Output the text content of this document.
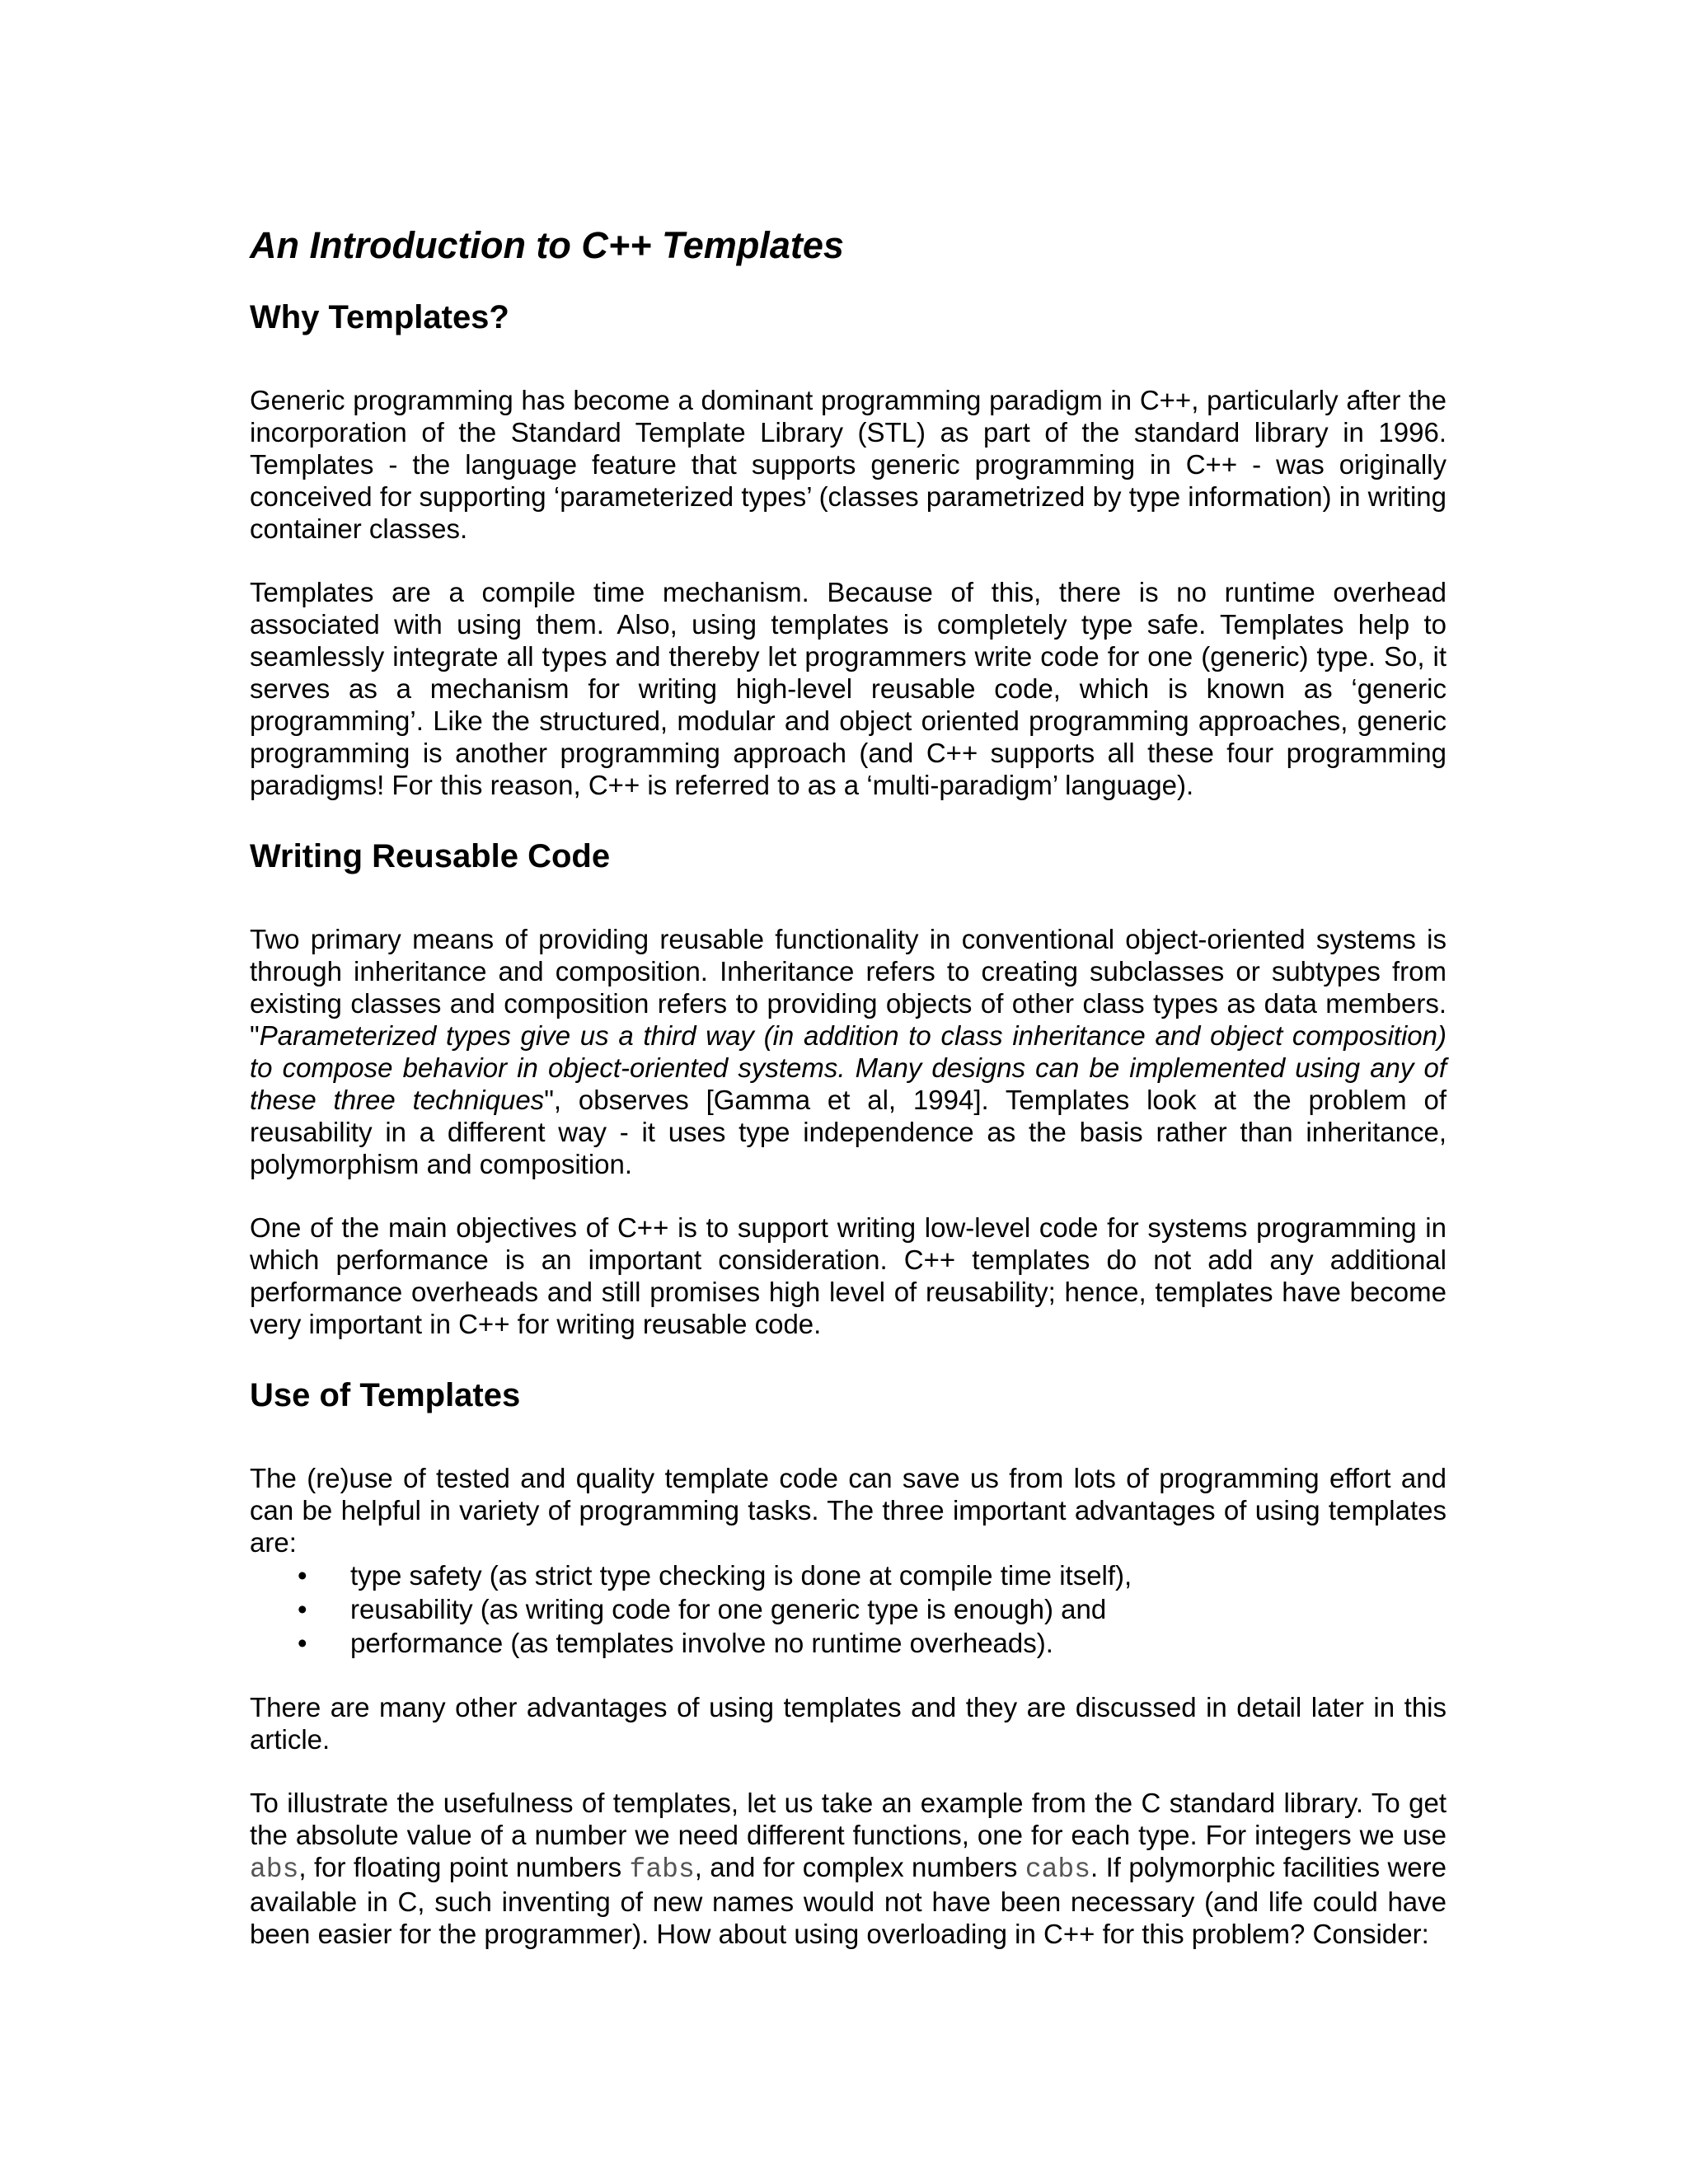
An Introduction to C++ Templates
Why Templates?

Generic programming has become a dominant programming paradigm in C++, particularly after the incorporation of the Standard Template Library (STL) as part of the standard library in 1996. Templates - the language feature that supports generic programming in C++ - was originally conceived for supporting ‘parameterized types’ (classes parametrized by type information) in writing container classes.

Templates are a compile time mechanism. Because of this, there is no runtime overhead associated with using them. Also, using templates is completely type safe. Templates help to seamlessly integrate all types and thereby let programmers write code for one (generic) type. So, it serves as a mechanism for writing high-level reusable code, which is known as ‘generic programming’. Like the structured, modular and object oriented programming approaches, generic programming is another programming approach (and C++ supports all these four programming paradigms! For this reason, C++ is referred to as a ‘multi-paradigm’ language).

Writing Reusable Code

Two primary means of providing reusable functionality in conventional object-oriented systems is through inheritance and composition. Inheritance refers to creating subclasses or subtypes from existing classes and composition refers to providing objects of other class types as data members. "Parameterized types give us a third way (in addition to class inheritance and object composition) to compose behavior in object-oriented systems. Many designs can be implemented using any of these three techniques", observes [Gamma et al, 1994]. Templates look at the problem of reusability in a different way - it uses type independence as the basis rather than inheritance, polymorphism and composition.

One of the main objectives of C++ is to support writing low-level code for systems programming in which performance is an important consideration. C++ templates do not add any additional performance overheads and still promises high level of reusability; hence, templates have become very important in C++ for writing reusable code.

Use of Templates

The (re)use of tested and quality template code can save us from lots of programming effort and can be helpful in variety of programming tasks. The three important advantages of using templates are:

• type safety (as strict type checking is done at compile time itself),
• reusability (as writing code for one generic type is enough) and
• performance (as templates involve no runtime overheads).

There are many other advantages of using templates and they are discussed in detail later in this article.

To illustrate the usefulness of templates, let us take an example from the C standard library. To get the absolute value of a number we need different functions, one for each type. For integers we use abs, for floating point numbers fabs, and for complex numbers cabs. If polymorphic facilities were available in C, such inventing of new names would not have been necessary (and life could have been easier for the programmer). How about using overloading in C++ for this problem? Consider:
